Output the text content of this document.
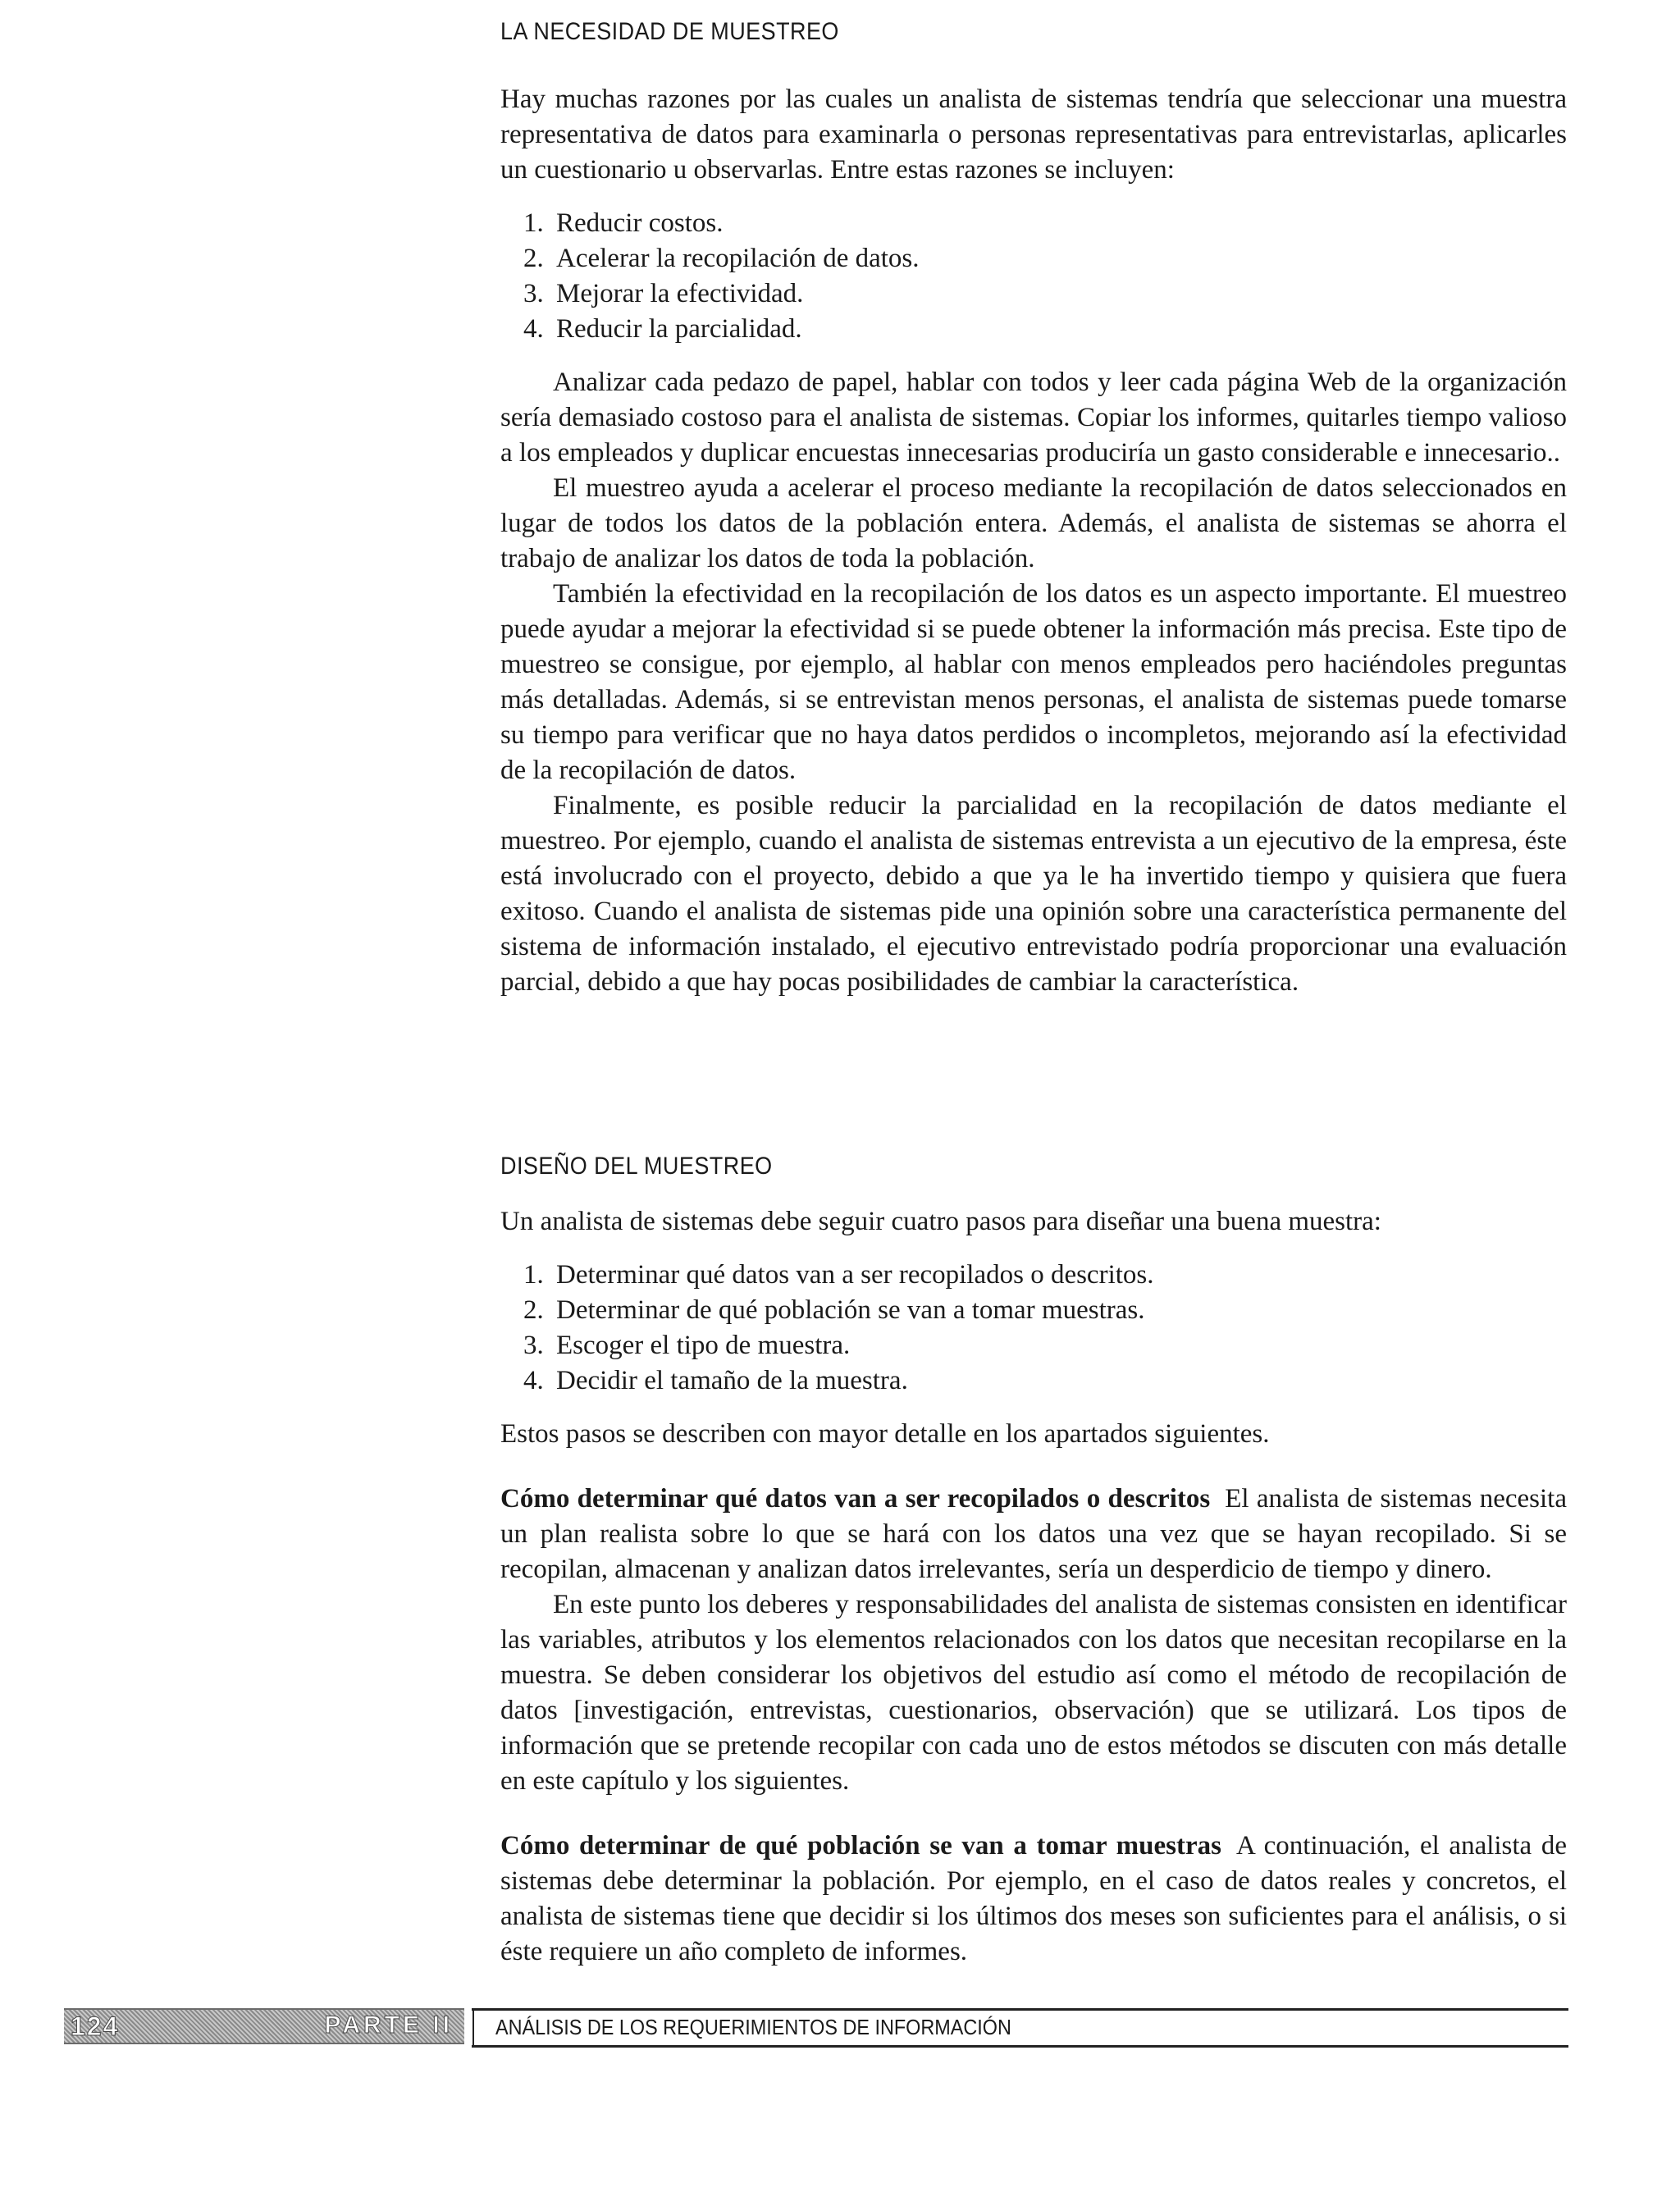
LA NECESIDAD DE MUESTREO

Hay muchas razones por las cuales un analista de sistemas tendría que seleccionar una muestra representativa de datos para examinarla o personas representativas para entrevistarlas, aplicarles un cuestionario u observarlas. Entre estas razones se incluyen:

1. Reducir costos.
2. Acelerar la recopilación de datos.
3. Mejorar la efectividad.
4. Reducir la parcialidad.

Analizar cada pedazo de papel, hablar con todos y leer cada página Web de la organización sería demasiado costoso para el analista de sistemas. Copiar los informes, quitarles tiempo valioso a los empleados y duplicar encuestas innecesarias produciría un gasto considerable e innecesario..

El muestreo ayuda a acelerar el proceso mediante la recopilación de datos seleccionados en lugar de todos los datos de la población entera. Además, el analista de sistemas se ahorra el trabajo de analizar los datos de toda la población.

También la efectividad en la recopilación de los datos es un aspecto importante. El muestreo puede ayudar a mejorar la efectividad si se puede obtener la información más precisa. Este tipo de muestreo se consigue, por ejemplo, al hablar con menos empleados pero haciéndoles preguntas más detalladas. Además, si se entrevistan menos personas, el analista de sistemas puede tomarse su tiempo para verificar que no haya datos perdidos o incompletos, mejorando así la efectividad de la recopilación de datos.

Finalmente, es posible reducir la parcialidad en la recopilación de datos mediante el muestreo. Por ejemplo, cuando el analista de sistemas entrevista a un ejecutivo de la empresa, éste está involucrado con el proyecto, debido a que ya le ha invertido tiempo y quisiera que fuera exitoso. Cuando el analista de sistemas pide una opinión sobre una característica permanente del sistema de información instalado, el ejecutivo entrevistado podría proporcionar una evaluación parcial, debido a que hay pocas posibilidades de cambiar la característica.

DISEÑO DEL MUESTREO

Un analista de sistemas debe seguir cuatro pasos para diseñar una buena muestra:

1. Determinar qué datos van a ser recopilados o descritos.
2. Determinar de qué población se van a tomar muestras.
3. Escoger el tipo de muestra.
4. Decidir el tamaño de la muestra.

Estos pasos se describen con mayor detalle en los apartados siguientes.

Cómo determinar qué datos van a ser recopilados o descritos El analista de sistemas necesita un plan realista sobre lo que se hará con los datos una vez que se hayan recopilado. Si se recopilan, almacenan y analizan datos irrelevantes, sería un desperdicio de tiempo y dinero.

En este punto los deberes y responsabilidades del analista de sistemas consisten en identificar las variables, atributos y los elementos relacionados con los datos que necesitan recopilarse en la muestra. Se deben considerar los objetivos del estudio así como el método de recopilación de datos [investigación, entrevistas, cuestionarios, observación) que se utilizará. Los tipos de información que se pretende recopilar con cada uno de estos métodos se discuten con más detalle en este capítulo y los siguientes.

Cómo determinar de qué población se van a tomar muestras A continuación, el analista de sistemas debe determinar la población. Por ejemplo, en el caso de datos reales y concretos, el analista de sistemas tiene que decidir si los últimos dos meses son suficientes para el análisis, o si éste requiere un año completo de informes.

124	PARTE II ANÁLISIS DE LOS REQUERIMIENTOS DE INFORMACIÓN
